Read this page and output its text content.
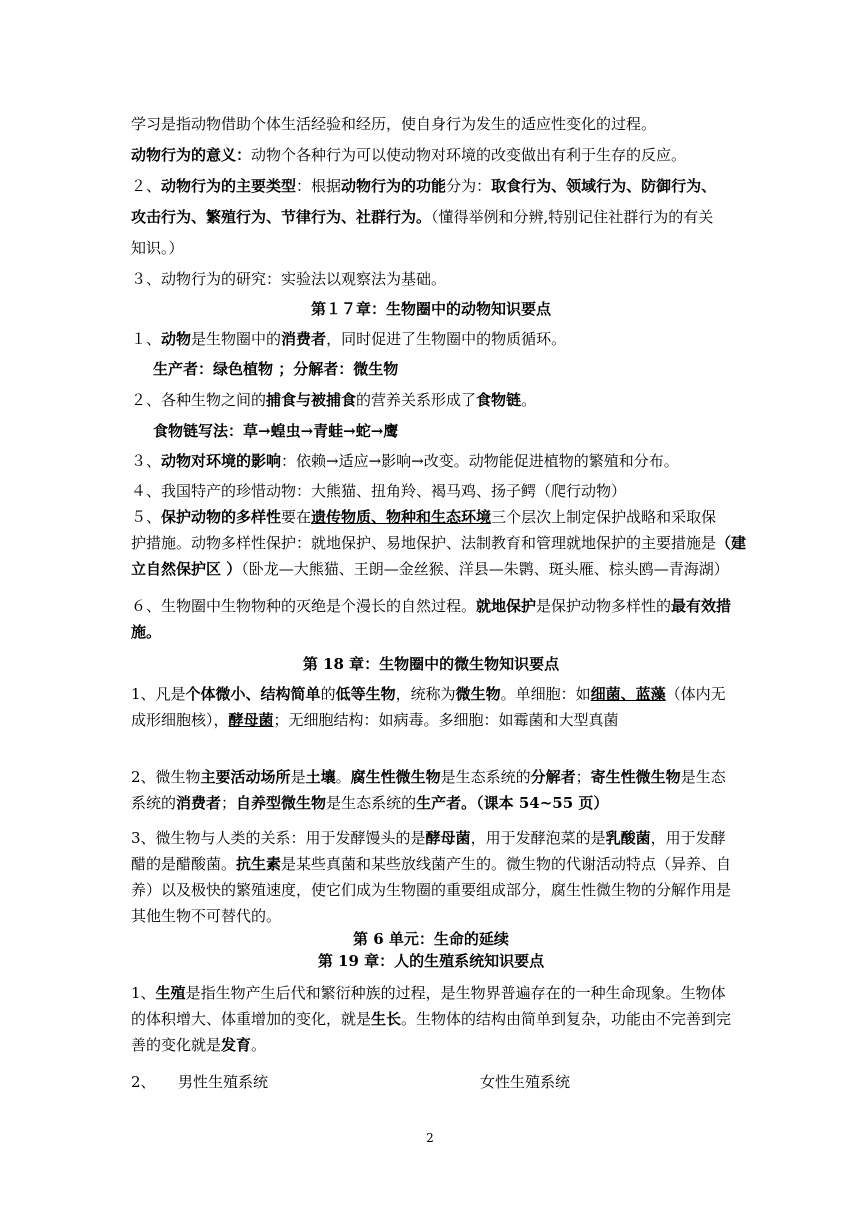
学习是指动物借助个体生活经验和经历，使自身行为发生的适应性变化的过程。
动物行为的意义：动物个各种行为可以使动物对环境的改变做出有利于生存的反应。
２、动物行为的主要类型：根据动物行为的功能分为：取食行为、领域行为、防御行为、
攻击行为、繁殖行为、节律行为、社群行为。（懂得举例和分辨,特别记住社群行为的有关
知识。）
３、动物行为的研究：实验法以观察法为基础。
第１７章：生物圈中的动物知识要点
１、动物是生物圈中的消费者，同时促进了生物圈中的物质循环。
生产者：绿色植物 ；分解者：微生物
２、各种生物之间的捕食与被捕食的营养关系形成了食物链。
食物链写法：草→蝗虫→青蛙→蛇→鹰
３、动物对环境的影响：依赖→适应→影响→改变。动物能促进植物的繁殖和分布。
４、我国特产的珍惜动物：大熊猫、扭角羚、褐马鸡、扬子鳄（爬行动物）
５、保护动物的多样性要在遗传物质、物种和生态环境三个层次上制定保护战略和采取保
护措施。动物多样性保护：就地保护、易地保护、法制教育和管理就地保护的主要措施是（建
立自然保护区 ）（卧龙—大熊猫、王朗—金丝猴、洋县—朱鹮、斑头雁、棕头鸥—青海湖）
６、生物圈中生物物种的灭绝是个漫长的自然过程。就地保护是保护动物多样性的最有效措
施。
第 18 章：生物圈中的微生物知识要点
1、凡是个体微小、结构简单的低等生物，统称为微生物。单细胞：如细菌、蓝藻（体内无
成形细胞核），酵母菌；无细胞结构：如病毒。多细胞：如霉菌和大型真菌
2、微生物主要活动场所是土壤。腐生性微生物是生态系统的分解者；寄生性微生物是生态
系统的消费者；自养型微生物是生态系统的生产者。（课本 54~55 页）
3、微生物与人类的关系：用于发酵馒头的是酵母菌，用于发酵泡菜的是乳酸菌，用于发酵
醋的是醋酸菌。抗生素是某些真菌和某些放线菌产生的。微生物的代谢活动特点（异养、自
养）以及极快的繁殖速度，使它们成为生物圈的重要组成部分，腐生性微生物的分解作用是
其他生物不可替代的。
第 6 单元：生命的延续
第 19 章：人的生殖系统知识要点
1、生殖是指生物产生后代和繁衍种族的过程，是生物界普遍存在的一种生命现象。生物体
的体积增大、体重增加的变化，就是生长。生物体的结构由简单到复杂，功能由不完善到完
善的变化就是发育。
2、	男性生殖系统	女性生殖系统
2
